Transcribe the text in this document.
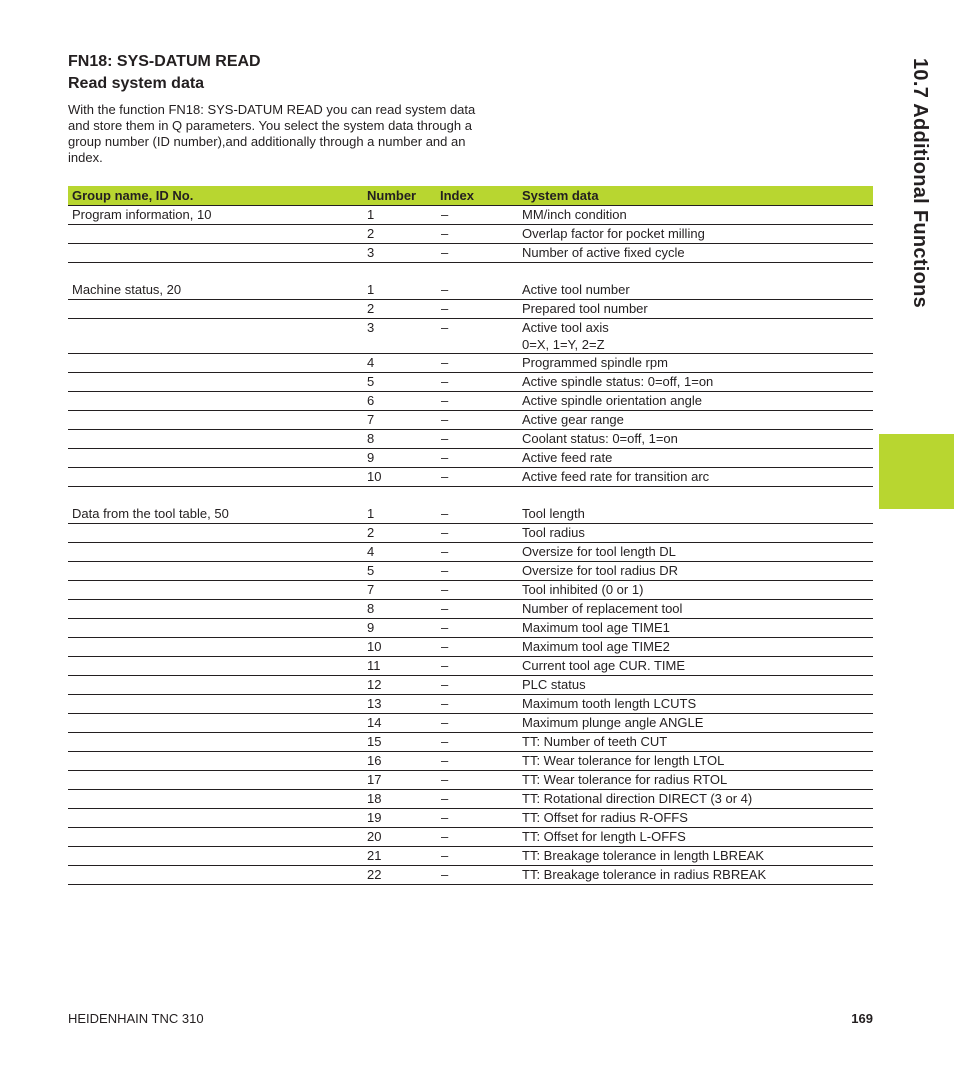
FN18: SYS-DATUM READ
Read system data
With the function FN18: SYS-DATUM READ you can read system data and store them in Q parameters. You select the system data through a group number (ID number),and additionally through a number and an index.	10.7 Additional Functions
Group name, ID No.	Number	Index	System data
Program information, 10	1	–	MM/inch condition

	2	–	Overlap factor for pocket milling

	3	–	Number of active fixed cycle

Machine status, 20	1	–	Active tool number

	2	–	Prepared tool number

	3	–	Active tool axis
0=X, 1=Y, 2=Z

	4	–	Programmed spindle rpm

	5	–	Active spindle status: 0=off, 1=on

	6	–	Active spindle orientation angle

	7	–	Active gear range

	8	–	Coolant status: 0=off, 1=on

	9	–	Active feed rate

	10	–	Active feed rate for transition arc

Data from the tool table, 50	1	–	Tool length

	2	–	Tool radius

	4	–	Oversize for tool length DL

	5	–	Oversize for tool radius DR

	7	–	Tool inhibited (0 or 1)

	8	–	Number of replacement tool

	9	–	Maximum tool age TIME1

	10	–	Maximum tool age TIME2

	11	–	Current tool age CUR. TIME

	12	–	PLC status

	13	–	Maximum tooth length LCUTS

	14	–	Maximum plunge angle ANGLE

	15	–	TT: Number of teeth CUT

	16	–	TT: Wear tolerance for length LTOL

	17	–	TT: Wear tolerance for radius RTOL

	18	–	TT: Rotational direction DIRECT (3 or 4)

	19	–	TT: Offset for radius R-OFFS

	20	–	TT: Offset for length L-OFFS

	21	–	TT: Breakage tolerance in length LBREAK

	22	–	TT: Breakage tolerance in radius RBREAK
HEIDENHAIN TNC 310	169
